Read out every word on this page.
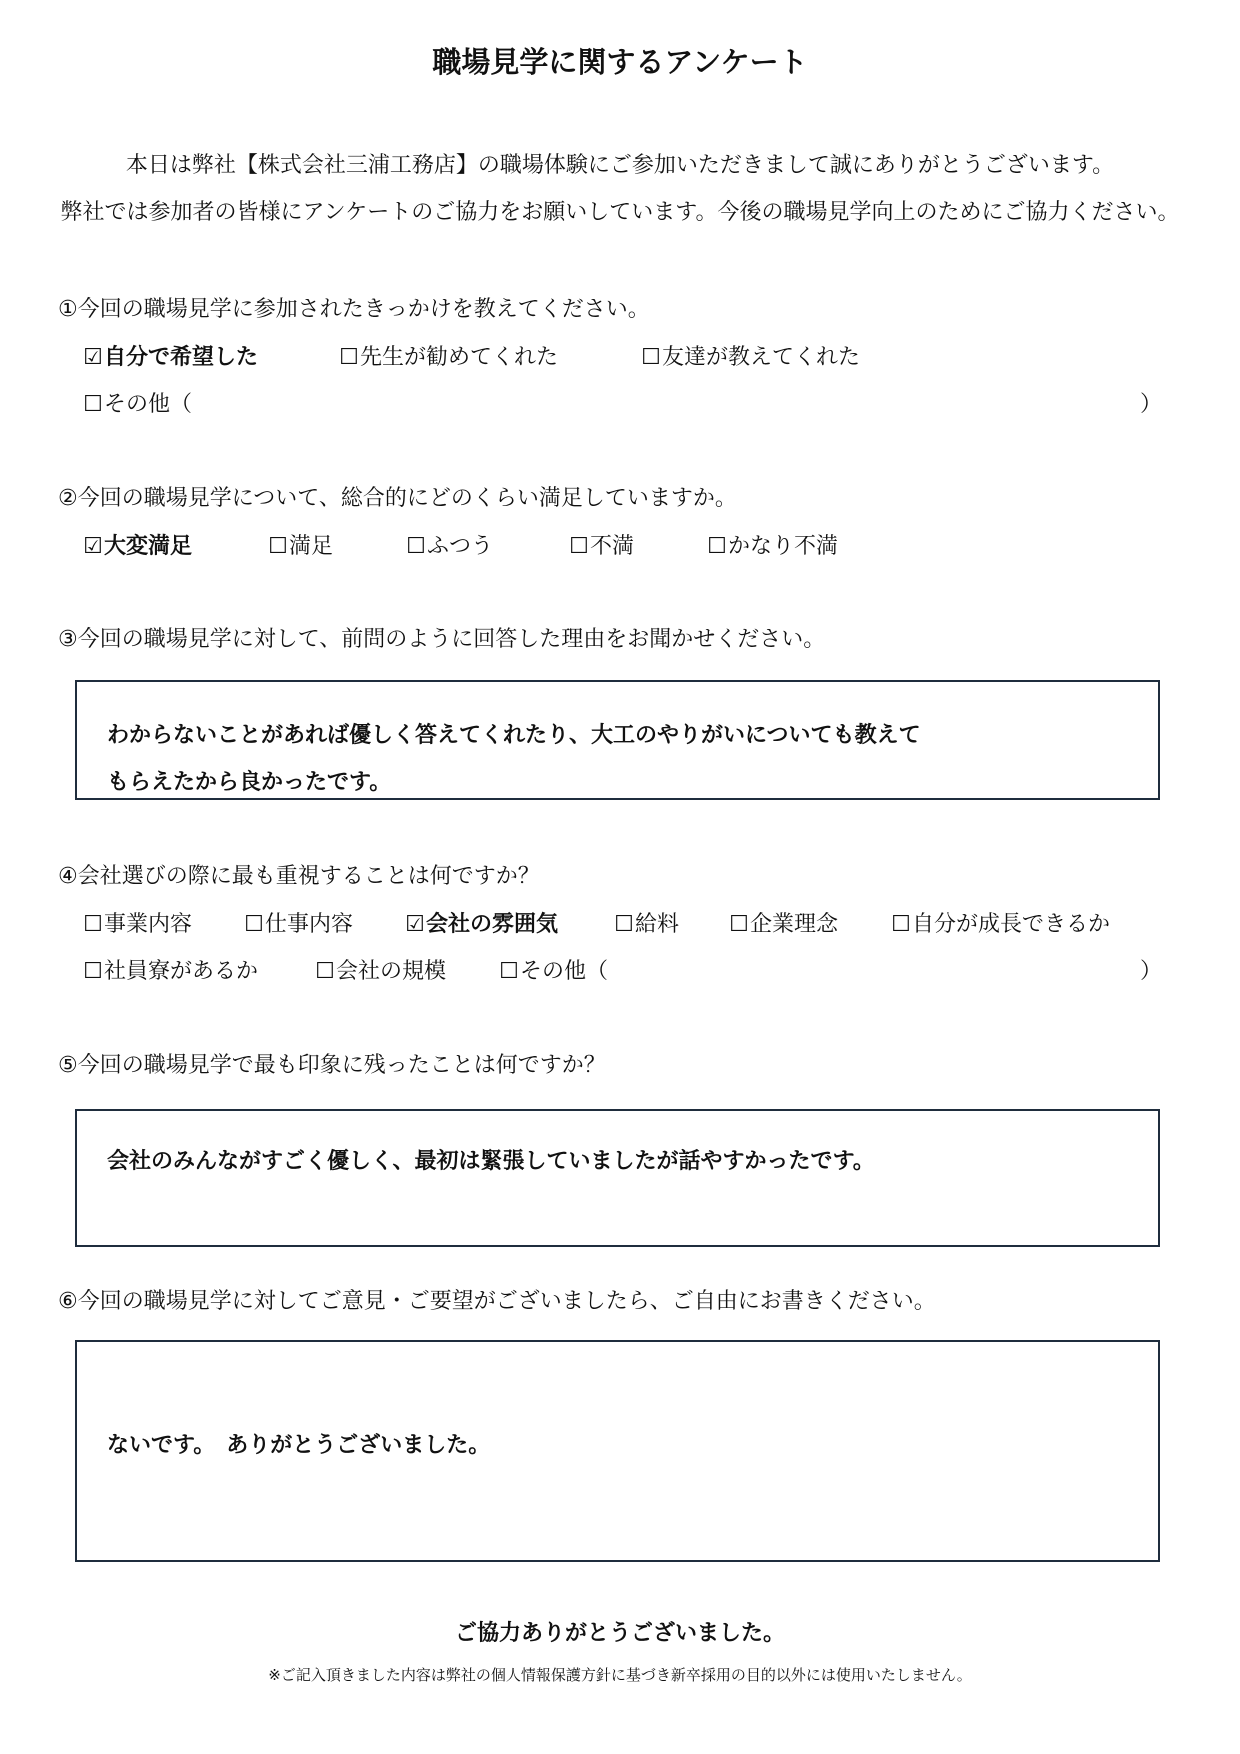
職場見学に関するアンケート
本日は弊社【株式会社三浦工務店】の職場体験にご参加いただきまして誠にありがとうございます。
弊社では参加者の皆様にアンケートのご協力をお願いしています。今後の職場見学向上のためにご協力ください。
①今回の職場見学に参加されたきっかけを教えてください。
☑自分で希望した	☐先生が勧めてくれた	☐友達が教えてくれた
☐その他（	）
②今回の職場見学について、総合的にどのくらい満足していますか。
☑大変満足	☐満足	☐ふつう	☐不満	☐かなり不満
③今回の職場見学に対して、前問のように回答した理由をお聞かせください。
わからないことがあれば優しく答えてくれたり、大工のやりがいについても教えて
もらえたから良かったです。
④会社選びの際に最も重視することは何ですか？
☐事業内容 ☐仕事内容 ☑会社の雰囲気	☐給料 ☐企業理念 ☐自分が成長できるか
☐社員寮があるか	☐会社の規模 ☐その他（	）
⑤今回の職場見学で最も印象に残ったことは何ですか？
会社のみんながすごく優しく、最初は緊張していましたが話やすかったです。
⑥今回の職場見学に対してご意見・ご要望がございましたら、ご自由にお書きください。
ないです。　ありがとうございました。
ご協力ありがとうございました。
※ご記入頂きました内容は弊社の個人情報保護方針に基づき新卒採用の目的以外には使用いたしません。
